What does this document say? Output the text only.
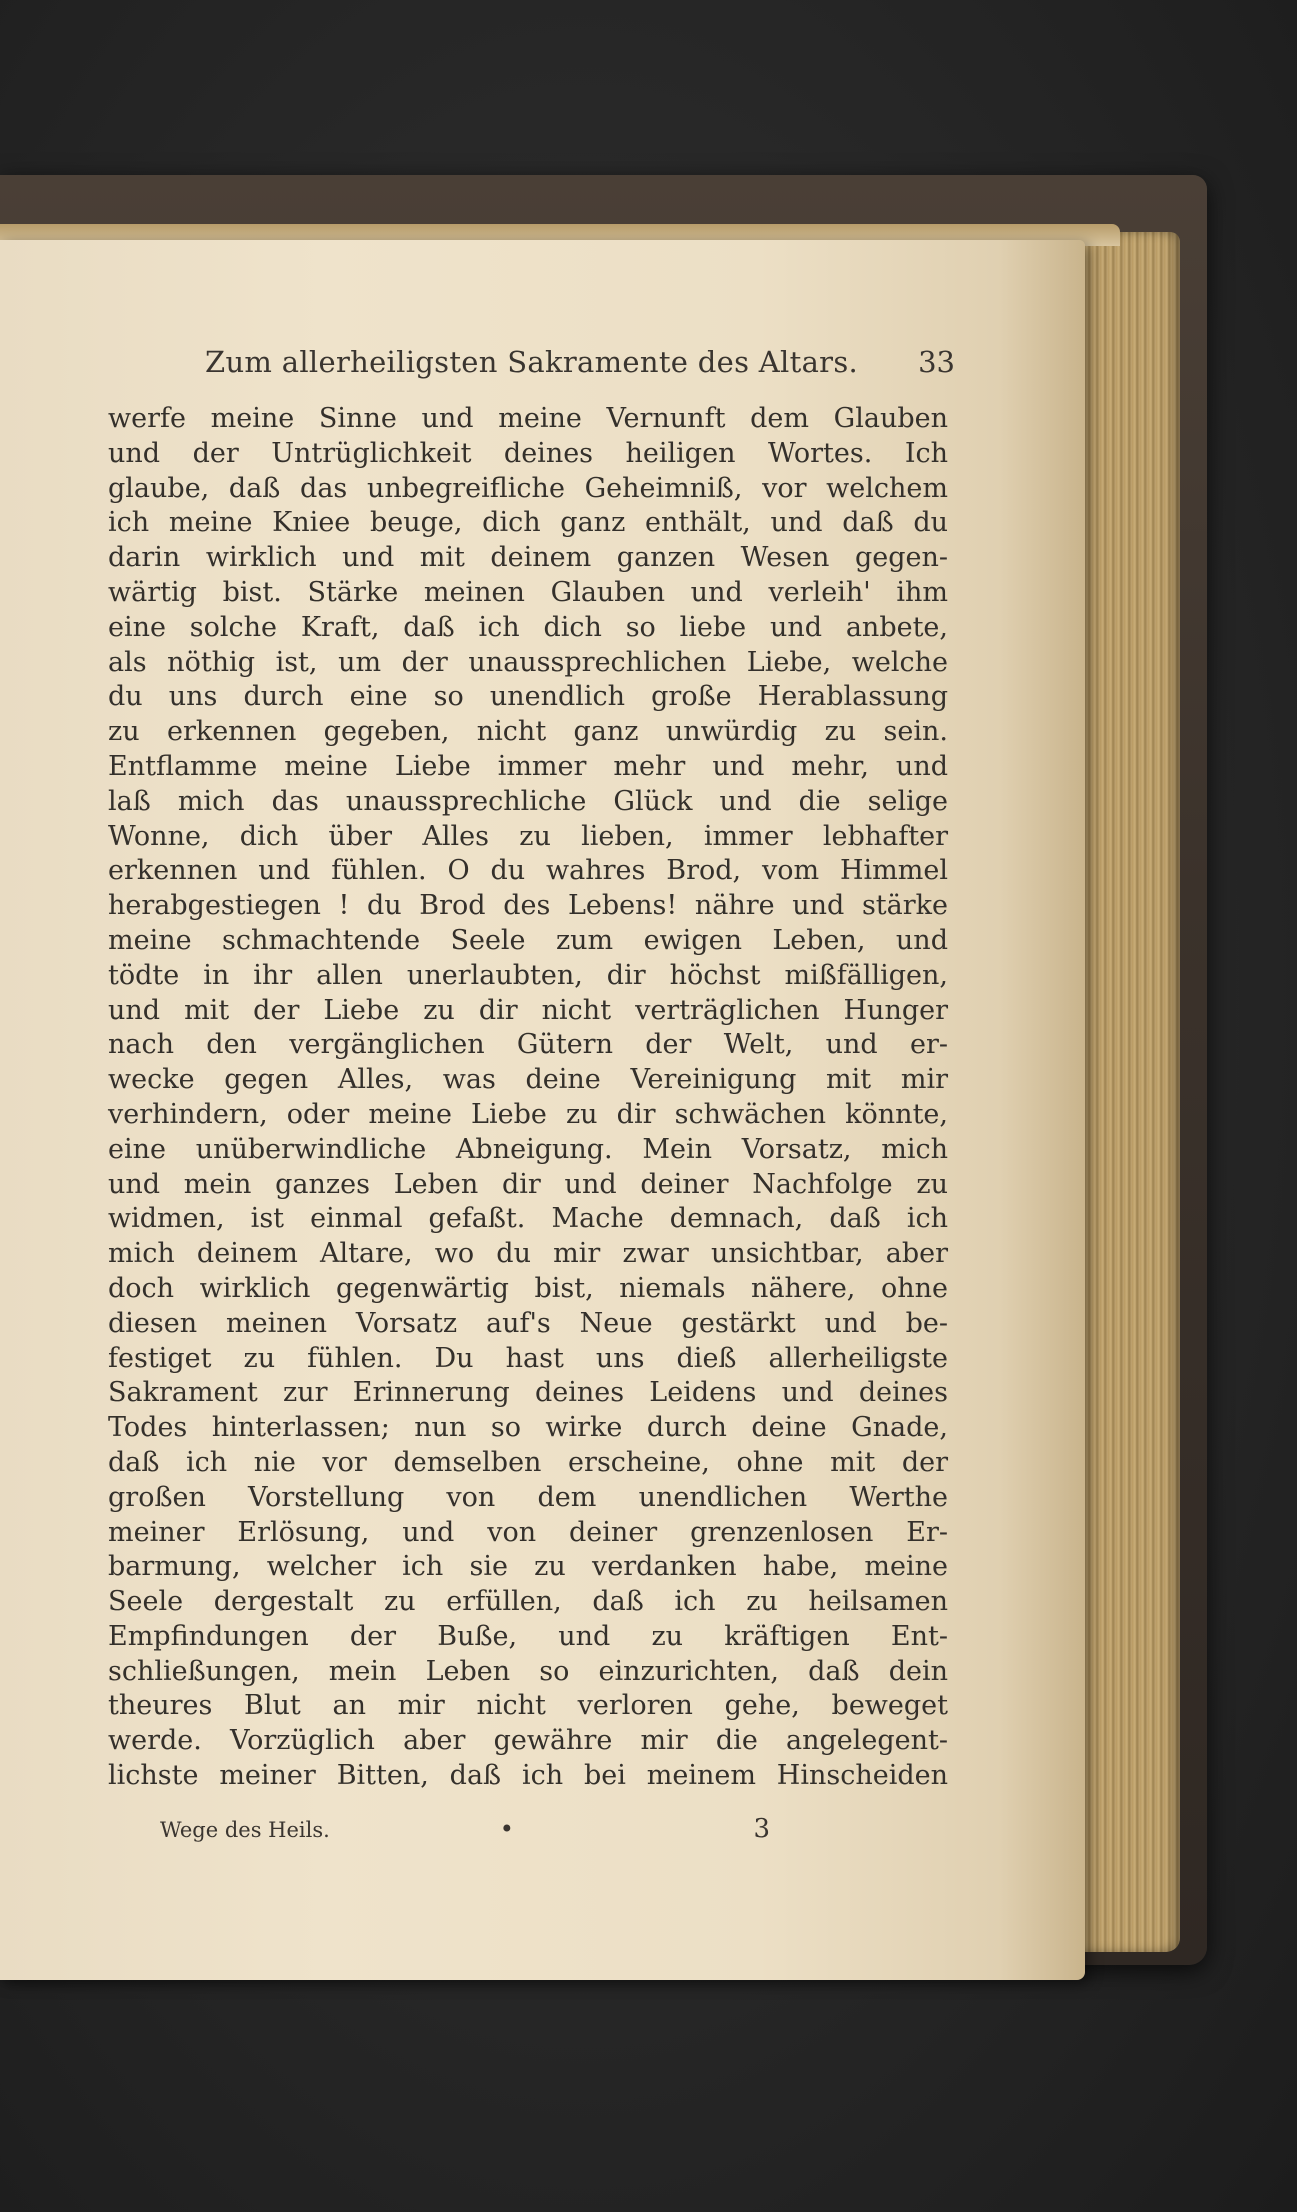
Zum allerheiligsten Sakramente des Altars. 33
werfe meine Sinne und meine Vernunft dem Glauben
und der Untrüglichkeit deines heiligen Wortes. Ich
glaube, daß das unbegreifliche Geheimniß, vor welchem
ich meine Kniee beuge, dich ganz enthält, und daß du
darin wirklich und mit deinem ganzen Wesen gegen-
wärtig bist. Stärke meinen Glauben und verleih' ihm
eine solche Kraft, daß ich dich so liebe und anbete,
als nöthig ist, um der unaussprechlichen Liebe, welche
du uns durch eine so unendlich große Herablassung
zu erkennen gegeben, nicht ganz unwürdig zu sein.
Entflamme meine Liebe immer mehr und mehr, und
laß mich das unaussprechliche Glück und die selige
Wonne, dich über Alles zu lieben, immer lebhafter
erkennen und fühlen. O du wahres Brod, vom Himmel
herabgestiegen ! du Brod des Lebens! nähre und stärke
meine schmachtende Seele zum ewigen Leben, und
tödte in ihr allen unerlaubten, dir höchst mißfälligen,
und mit der Liebe zu dir nicht verträglichen Hunger
nach den vergänglichen Gütern der Welt, und er-
wecke gegen Alles, was deine Vereinigung mit mir
verhindern, oder meine Liebe zu dir schwächen könnte,
eine unüberwindliche Abneigung. Mein Vorsatz, mich
und mein ganzes Leben dir und deiner Nachfolge zu
widmen, ist einmal gefaßt. Mache demnach, daß ich
mich deinem Altare, wo du mir zwar unsichtbar, aber
doch wirklich gegenwärtig bist, niemals nähere, ohne
diesen meinen Vorsatz auf's Neue gestärkt und be-
festiget zu fühlen. Du hast uns dieß allerheiligste
Sakrament zur Erinnerung deines Leidens und deines
Todes hinterlassen; nun so wirke durch deine Gnade,
daß ich nie vor demselben erscheine, ohne mit der
großen Vorstellung von dem unendlichen Werthe
meiner Erlösung, und von deiner grenzenlosen Er-
barmung, welcher ich sie zu verdanken habe, meine
Seele dergestalt zu erfüllen, daß ich zu heilsamen
Empfindungen der Buße, und zu kräftigen Ent-
schließungen, mein Leben so einzurichten, daß dein
theures Blut an mir nicht verloren gehe, beweget
werde. Vorzüglich aber gewähre mir die angelegent-
lichste meiner Bitten, daß ich bei meinem Hinscheiden
Wege des Heils.	•	3
